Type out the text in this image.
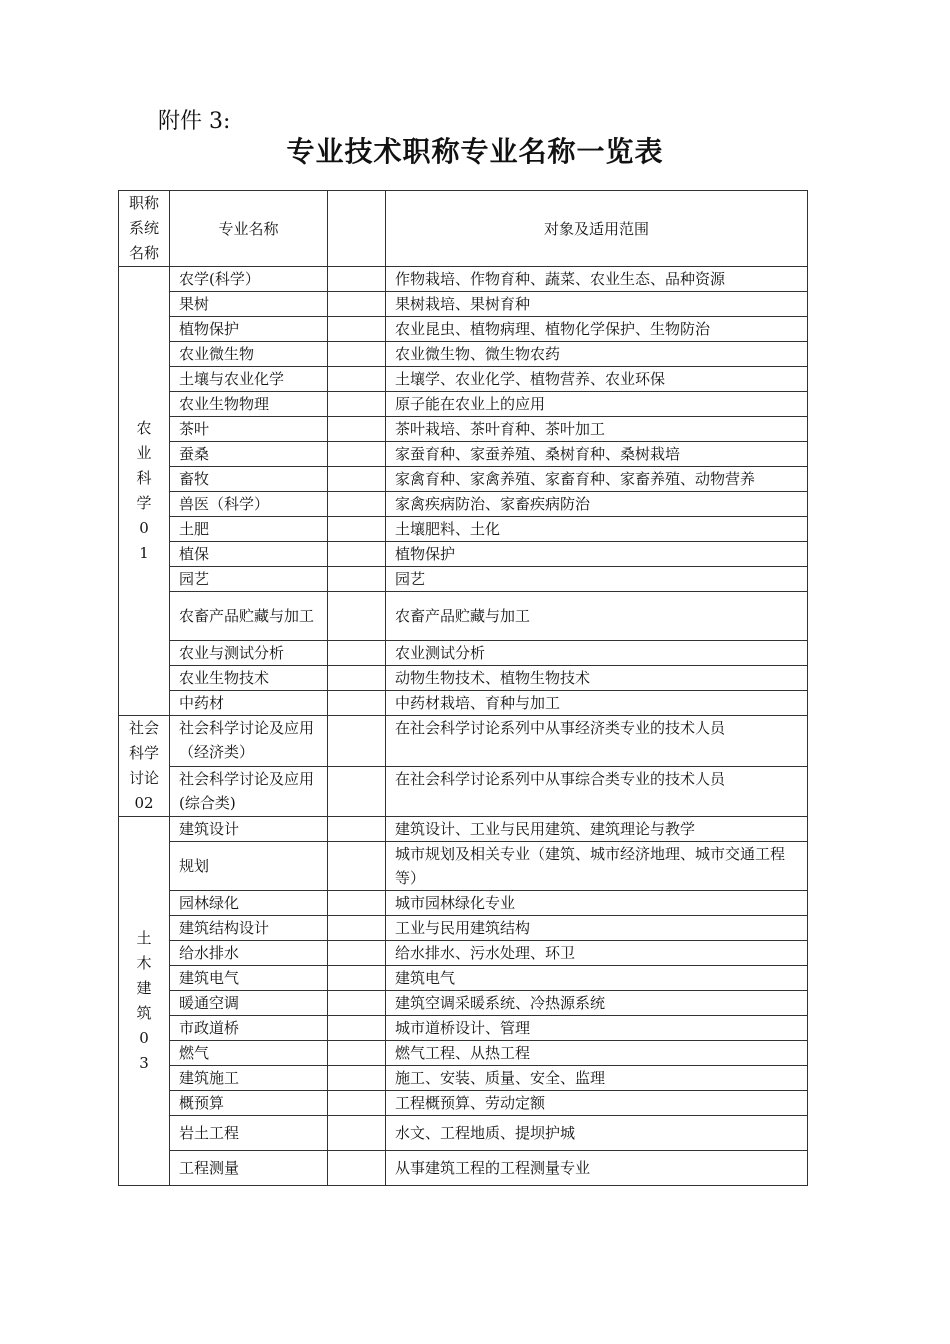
附件 3:
专业技术职称专业名称一览表
职称系统名称	专业名称		对象及适用范围
农业科学01	农学(科学）		作物栽培、作物育种、蔬菜、农业生态、品种资源
	果树		果树栽培、果树育种
	植物保护		农业昆虫、植物病理、植物化学保护、生物防治
	农业微生物		农业微生物、微生物农药
	土壤与农业化学		土壤学、农业化学、植物营养、农业环保
	农业生物物理		原子能在农业上的应用
	茶叶		茶叶栽培、茶叶育种、茶叶加工
	蚕桑		家蚕育种、家蚕养殖、桑树育种、桑树栽培
	畜牧		家禽育种、家禽养殖、家畜育种、家畜养殖、动物营养
	兽医（科学）		家禽疾病防治、家畜疾病防治
	土肥		土壤肥料、土化
	植保		植物保护
	园艺		园艺
	农畜产品贮藏与加工		农畜产品贮藏与加工
	农业与测试分析		农业测试分析
	农业生物技术		动物生物技术、植物生物技术
	中药材		中药材栽培、育种与加工

社会科学讨论02	社会科学讨论及应用（经济类）		在社会科学讨论系列中从事经济类专业的技术人员
	社会科学讨论及应用(综合类)		在社会科学讨论系列中从事综合类专业的技术人员
土木建筑03	建筑设计		建筑设计、工业与民用建筑、建筑理论与教学
	规划		城市规划及相关专业（建筑、城市经济地理、城市交通工程等）
	园林绿化		城市园林绿化专业
	建筑结构设计		工业与民用建筑结构
	给水排水		给水排水、污水处理、环卫
	建筑电气		建筑电气
	暖通空调		建筑空调采暖系统、冷热源系统
	市政道桥		城市道桥设计、管理
	燃气		燃气工程、从热工程
	建筑施工		施工、安装、质量、安全、监理
	概预算		工程概预算、劳动定额
	岩土工程		水文、工程地质、提坝护城
	工程测量		从事建筑工程的工程测量专业
